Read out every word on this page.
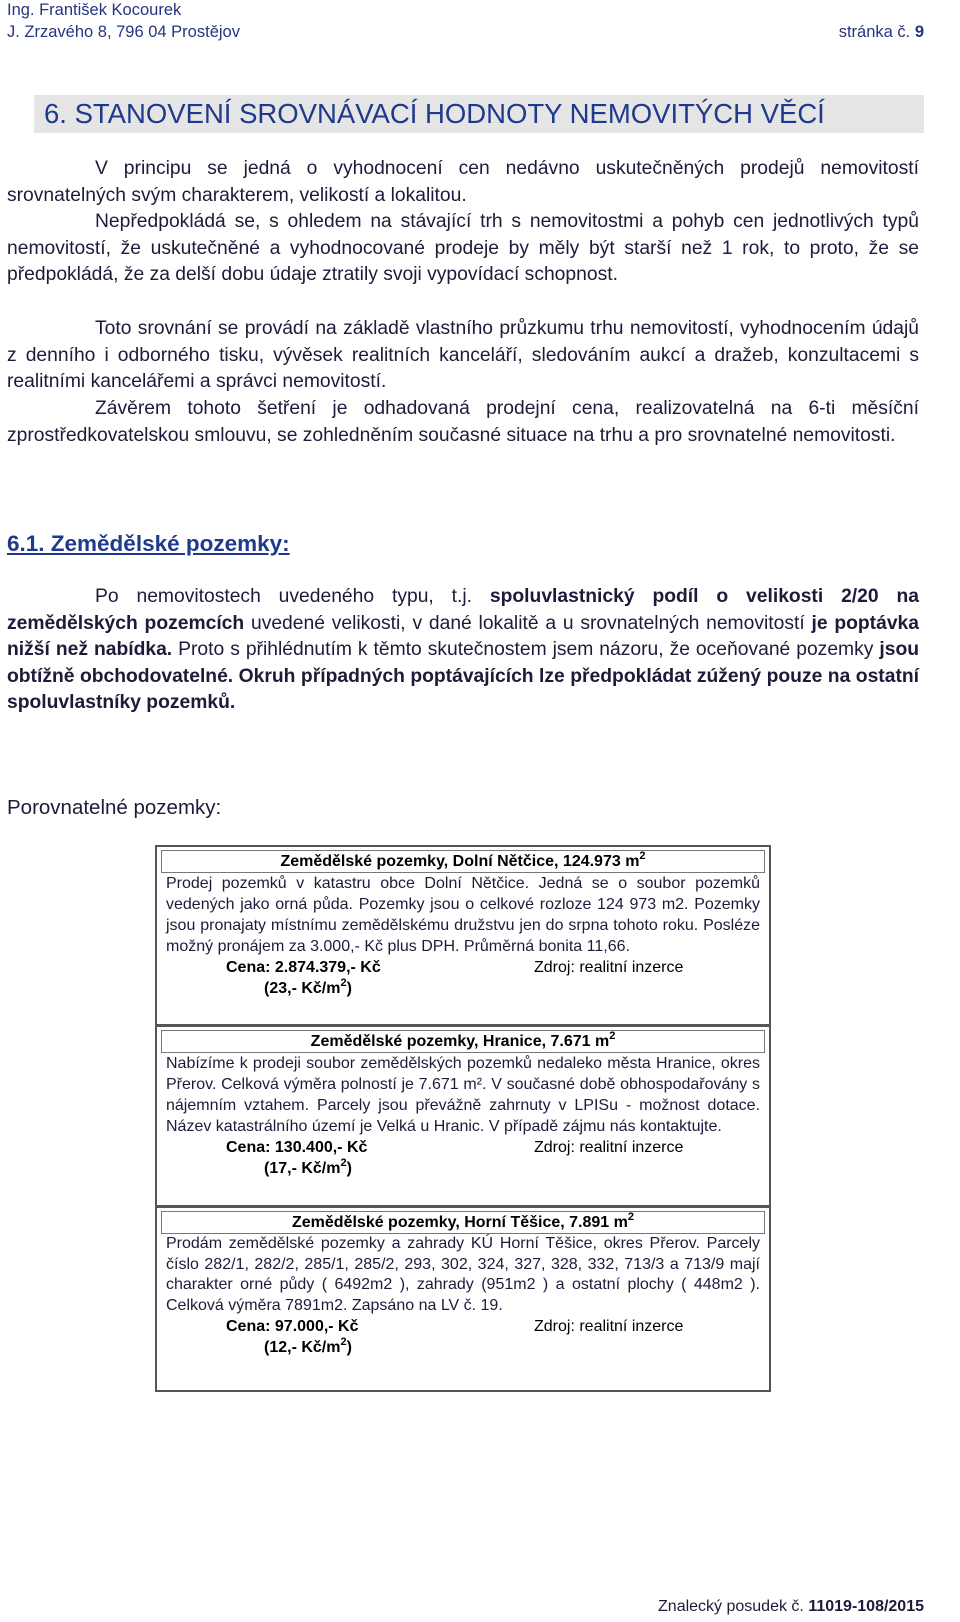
Ing. František Kocourek
J. Zrzavého 8, 796 04 Prostějov	stránka č. 9
6. STANOVENÍ SROVNÁVACÍ HODNOTY NEMOVITÝCH VĚCÍ
V principu se jedná o vyhodnocení cen nedávno uskutečněných prodejů nemovitostí srovnatelných svým charakterem, velikostí a lokalitou.
Nepředpokládá se, s ohledem na stávající trh s nemovitostmi a pohyb cen jednotlivých typů nemovitostí, že uskutečněné a vyhodnocované prodeje by měly být starší než 1 rok, to proto, že se předpokládá, že za delší dobu údaje ztratily svoji vypovídací schopnost.
Toto srovnání se provádí na základě vlastního průzkumu trhu nemovitostí, vyhodnocením údajů z denního i odborného tisku, vývěsek realitních kanceláří, sledováním aukcí a dražeb, konzultacemi s realitními kancelářemi a správci nemovitostí.
Závěrem tohoto šetření je odhadovaná prodejní cena, realizovatelná na 6-ti měsíční zprostředkovatelskou smlouvu, se zohledněním současné situace na trhu a pro srovnatelné nemovitosti.
6.1. Zemědělské pozemky:
Po nemovitostech uvedeného typu, t.j. spoluvlastnický podíl o velikosti 2/20 na zemědělských pozemcích uvedené velikosti, v dané lokalitě a u srovnatelných nemovitostí je poptávka nižší než nabídka. Proto s přihlédnutím k těmto skutečnostem jsem názoru, že oceňované pozemky jsou obtížně obchodovatelné. Okruh případných poptávajících lze předpokládat zúžený pouze na ostatní spoluvlastníky pozemků.
Porovnatelné pozemky:
Zemědělské pozemky, Dolní Nětčice, 124.973 $m^2$
Prodej pozemků v katastru obce Dolní Nětčice. Jedná se o soubor pozemků vedených jako orná půda. Pozemky jsou o celkové rozloze 124 973 m2. Pozemky jsou pronajaty místnímu zemědělskému družstvu jen do srpna tohoto roku. Posléze možný pronájem za 3.000,- Kč plus DPH. Průměrná bonita 11,66.
Cena: 2.874.379,- Kč
(23,- $Kč/m^2$)
Zdroj: realitní inzerce
Zemědělské pozemky, Hranice, 7.671 $m^2$
Nabízíme k prodeji soubor zemědělských pozemků nedaleko města Hranice, okres Přerov. Celková výměra polností je 7.671 m². V současné době obhospodařovány s nájemním vztahem. Parcely jsou převážně zahrnuty v LPISu - možnost dotace. Název katastrálního území je Velká u Hranic. V případě zájmu nás kontaktujte.
Cena: 130.400,- Kč
(17,- $Kč/m^2$)
Zdroj: realitní inzerce
Zemědělské pozemky, Horní Těšice, 7.891 $m^2$
Prodám zemědělské pozemky a zahrady KÚ Horní Těšice, okres Přerov. Parcely číslo 282/1, 282/2, 285/1, 285/2, 293, 302, 324, 327, 328, 332, 713/3 a 713/9 mají charakter orné půdy ( 6492m2 ), zahrady (951m2 ) a ostatní plochy ( 448m2 ). Celková výměra 7891m2. Zapsáno na LV č. 19.
Cena: 97.000,- Kč
(12,- $Kč/m^2$)
Zdroj: realitní inzerce
Znalecký posudek č. 11019-108/2015
